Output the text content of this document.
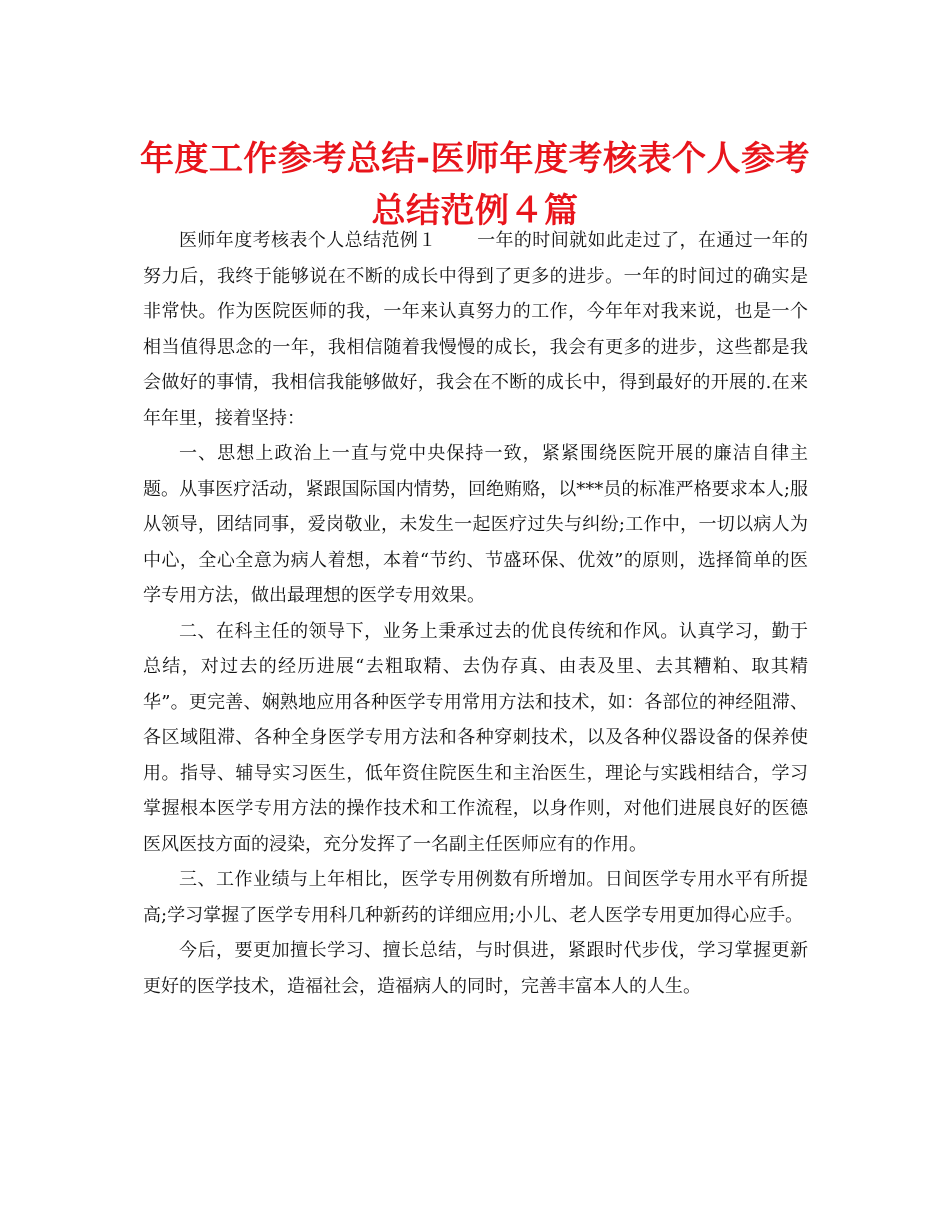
年度工作参考总结-医师年度考核表个人参考总结范例４篇

医师年度考核表个人总结范例１ 一年的时间就如此走过了，在通过一年的努力后，我终于能够说在不断的成长中得到了更多的进步。一年的时间过的确实是非常快。作为医院医师的我，一年来认真努力的工作，今年年对我来说，也是一个相当值得思念的一年，我相信随着我慢慢的成长，我会有更多的进步，这些都是我会做好的事情，我相信我能够做好，我会在不断的成长中，得到最好的开展的.在来年年里，接着坚持：

一、思想上政治上一直与党中央保持一致，紧紧围绕医院开展的廉洁自律主题。从事医疗活动，紧跟国际国内情势，回绝贿赂，以***员的标准严格要求本人;服从领导，团结同事，爱岗敬业，未发生一起医疗过失与纠纷;工作中，一切以病人为中心，全心全意为病人着想，本着“节约、节盛环保、优效”的原则，选择简单的医学专用方法，做出最理想的医学专用效果。

二、在科主任的领导下，业务上秉承过去的优良传统和作风。认真学习，勤于总结，对过去的经历进展“去粗取精、去伪存真、由表及里、去其糟粕、取其精华”。更完善、娴熟地应用各种医学专用常用方法和技术，如：各部位的神经阻滞、各区域阻滞、各种全身医学专用方法和各种穿刺技术，以及各种仪器设备的保养使用。指导、辅导实习医生，低年资住院医生和主治医生，理论与实践相结合，学习掌握根本医学专用方法的操作技术和工作流程，以身作则，对他们进展良好的医德医风医技方面的浸染，充分发挥了一名副主任医师应有的作用。

三、工作业绩与上年相比，医学专用例数有所增加。日间医学专用水平有所提高;学习掌握了医学专用科几种新药的详细应用;小儿、老人医学专用更加得心应手。

今后，要更加擅长学习、擅长总结，与时俱进，紧跟时代步伐，学习掌握更新更好的医学技术，造福社会，造福病人的同时，完善丰富本人的人生。
